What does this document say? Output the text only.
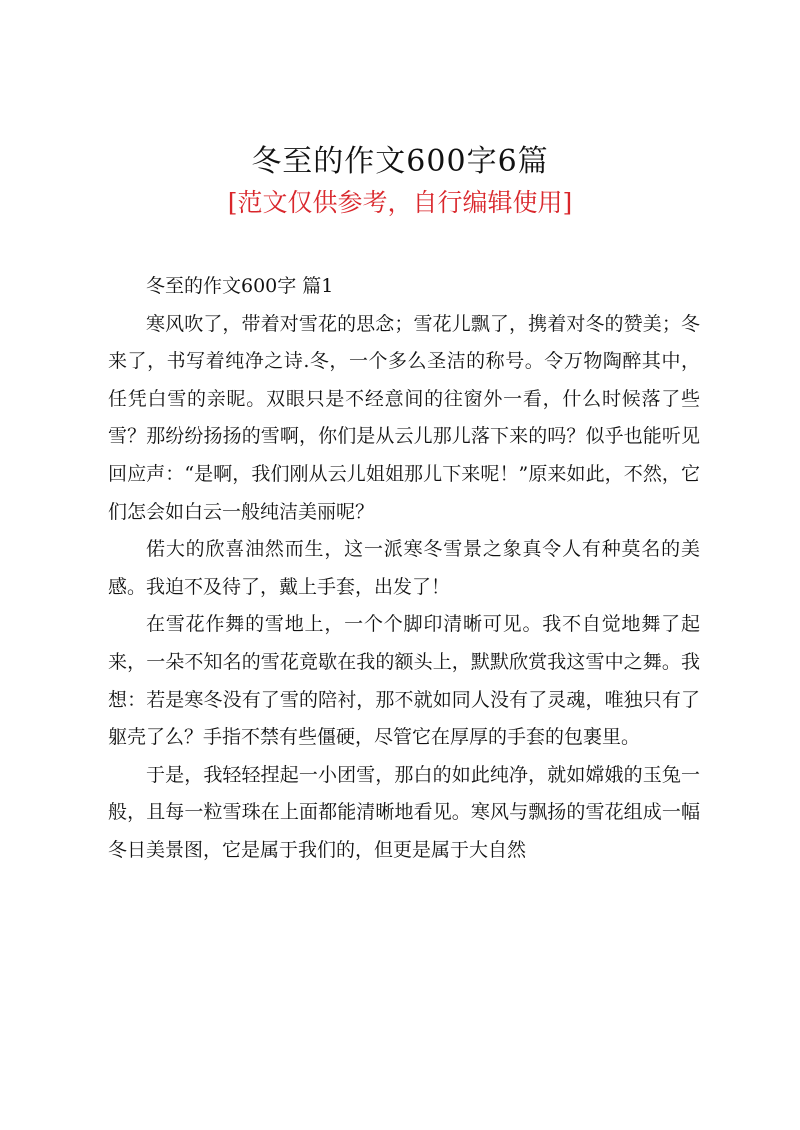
冬至的作文600字6篇
[范文仅供参考，自行编辑使用]

冬至的作文600字 篇1

寒风吹了，带着对雪花的思念；雪花儿飘了，携着对冬的赞美；冬来了，书写着纯净之诗.冬，一个多么圣洁的称号。令万物陶醉其中，任凭白雪的亲昵。双眼只是不经意间的往窗外一看，什么时候落了些雪？那纷纷扬扬的雪啊，你们是从云儿那儿落下来的吗？似乎也能听见回应声：“是啊，我们刚从云儿姐姐那儿下来呢！”原来如此，不然，它们怎会如白云一般纯洁美丽呢？

偌大的欣喜油然而生，这一派寒冬雪景之象真令人有种莫名的美感。我迫不及待了，戴上手套，出发了！

在雪花作舞的雪地上，一个个脚印清晰可见。我不自觉地舞了起来，一朵不知名的雪花竟歇在我的额头上，默默欣赏我这雪中之舞。我想：若是寒冬没有了雪的陪衬，那不就如同人没有了灵魂，唯独只有了躯壳了么？手指不禁有些僵硬，尽管它在厚厚的手套的包裹里。

于是，我轻轻捏起一小团雪，那白的如此纯净，就如嫦娥的玉兔一般，且每一粒雪珠在上面都能清晰地看见。寒风与飘扬的雪花组成一幅冬日美景图，它是属于我们的，但更是属于大自然
